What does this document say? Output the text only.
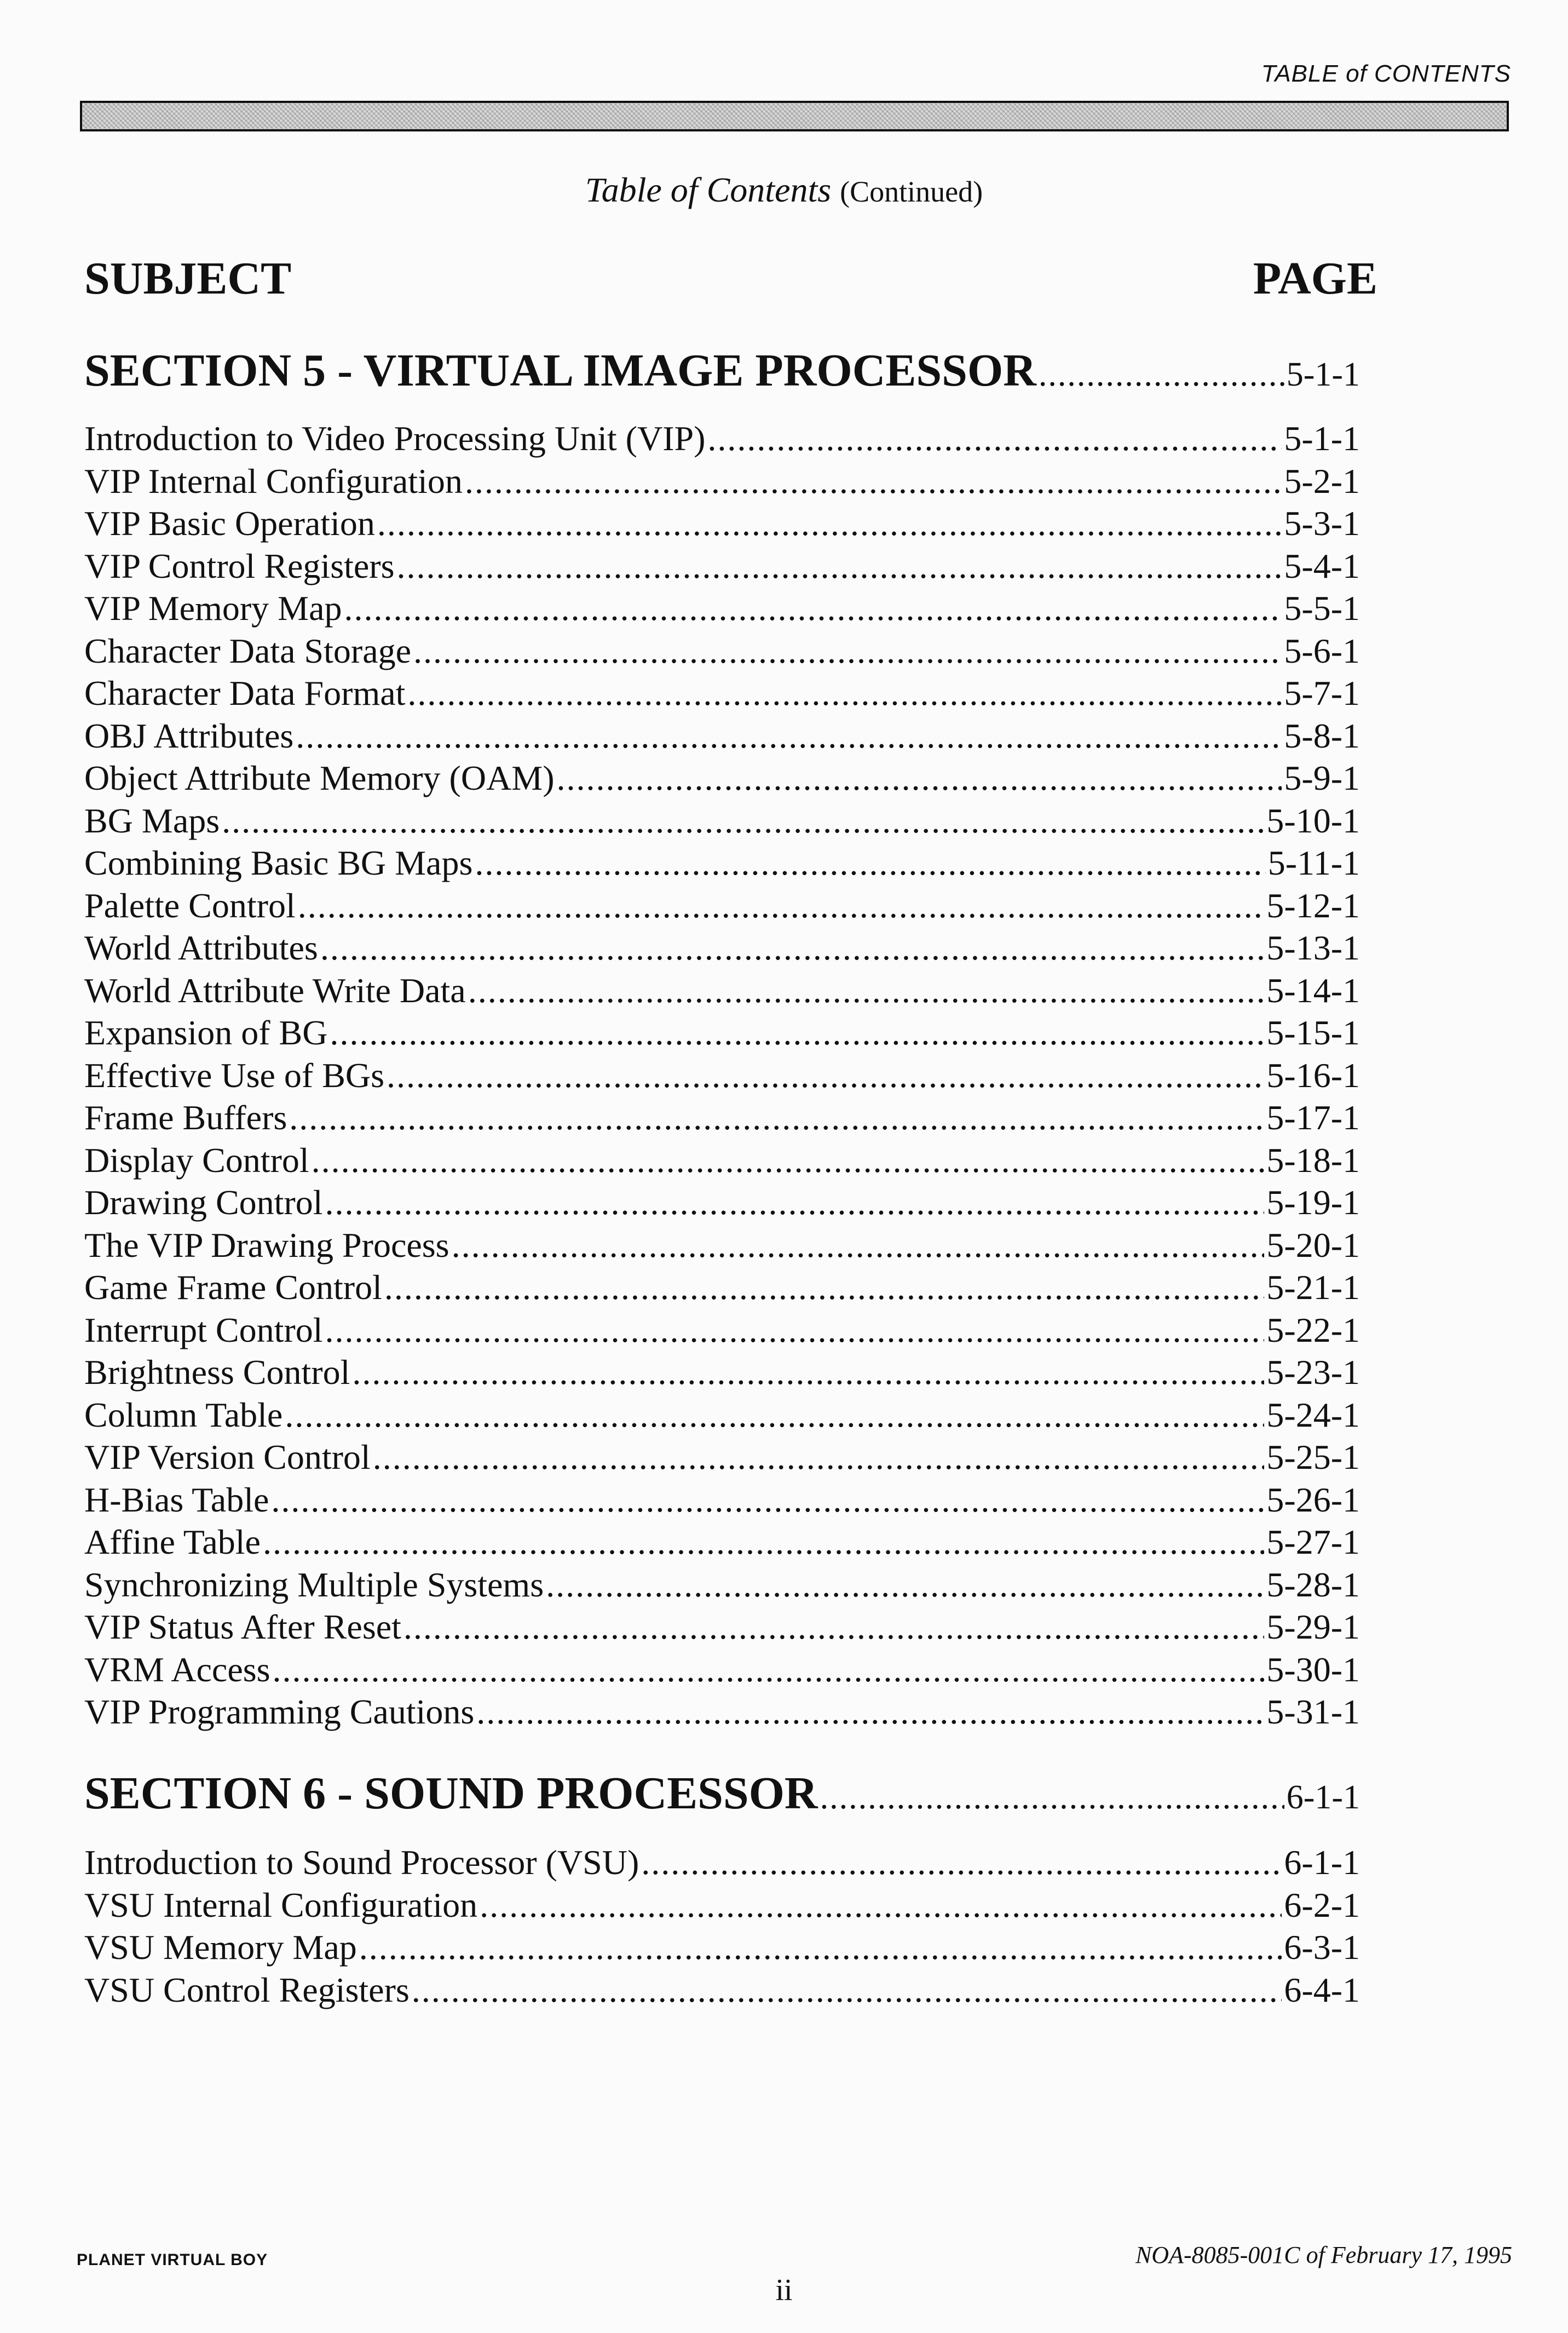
TABLE of CONTENTS
Table of Contents (Continued)
SUBJECT	PAGE
SECTION 5 - VIRTUAL IMAGE PROCESSOR .....	5-1-1
Introduction to Video Processing Unit (VIP) .....	5-1-1
VIP Internal Configuration .....	5-2-1
VIP Basic Operation .....	5-3-1
VIP Control Registers .....	5-4-1
VIP Memory Map .....	5-5-1
Character Data Storage .....	5-6-1
Character Data Format .....	5-7-1
OBJ Attributes .....	5-8-1
Object Attribute Memory (OAM) .....	5-9-1
BG Maps .....	5-10-1
Combining Basic BG Maps .....	5-11-1
Palette Control .....	5-12-1
World Attributes .....	5-13-1
World Attribute Write Data .....	5-14-1
Expansion of BG .....	5-15-1
Effective Use of BGs .....	5-16-1
Frame Buffers .....	5-17-1
Display Control .....	5-18-1
Drawing Control .....	5-19-1
The VIP Drawing Process .....	5-20-1
Game Frame Control .....	5-21-1
Interrupt Control .....	5-22-1
Brightness Control .....	5-23-1
Column Table .....	5-24-1
VIP Version Control .....	5-25-1
H-Bias Table .....	5-26-1
Affine Table .....	5-27-1
Synchronizing Multiple Systems .....	5-28-1
VIP Status After Reset .....	5-29-1
VRM Access .....	5-30-1
VIP Programming Cautions .....	5-31-1
SECTION 6 - SOUND PROCESSOR .....	6-1-1
Introduction to Sound Processor (VSU) .....	6-1-1
VSU Internal Configuration .....	6-2-1
VSU Memory Map .....	6-3-1
VSU Control Registers .....	6-4-1
PLANET VIRTUAL BOY	NOA-8085-001C of February 17, 1995
ii
